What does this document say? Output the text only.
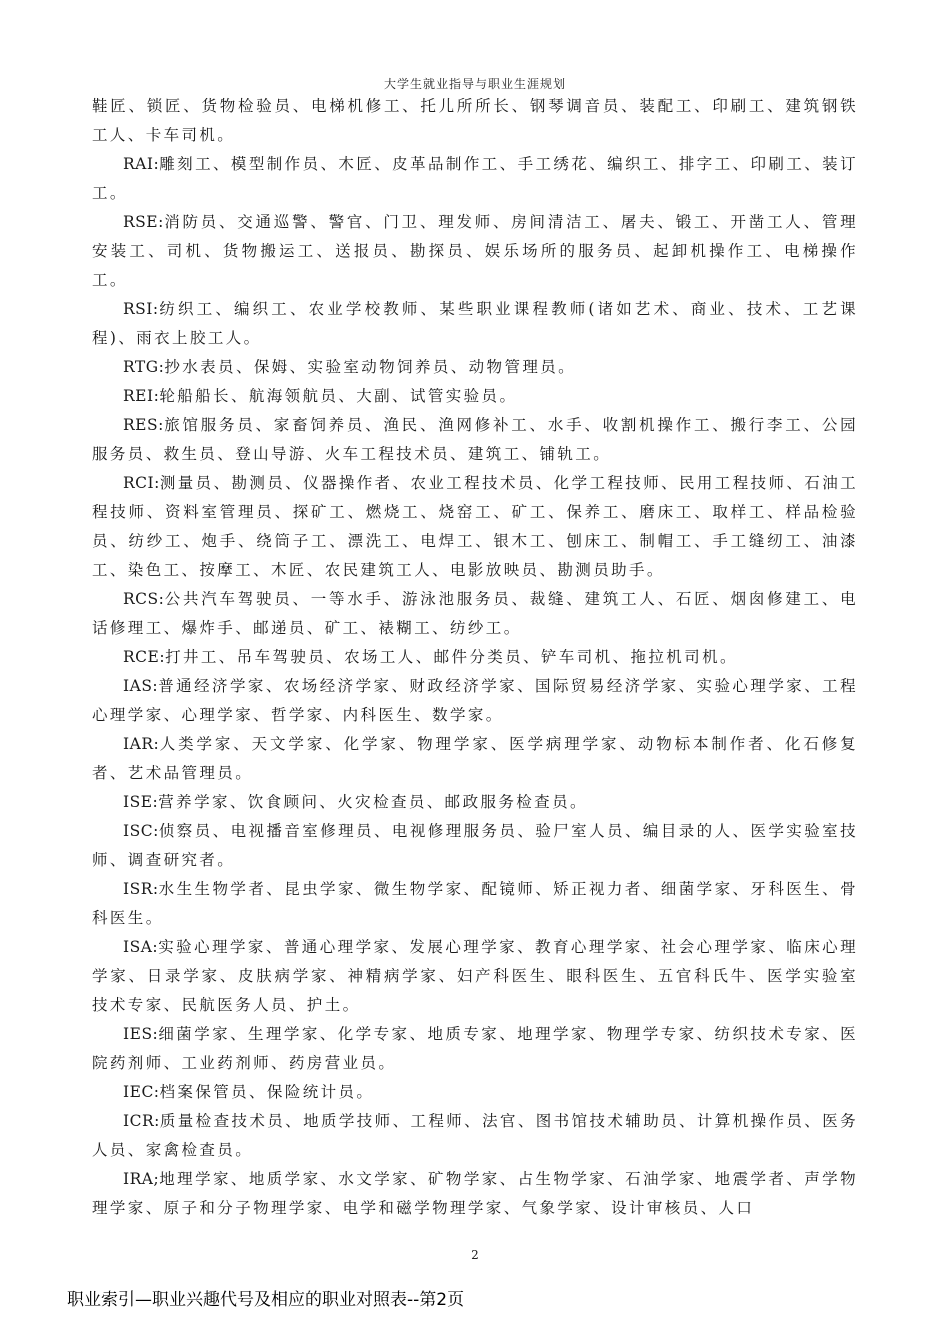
大学生就业指导与职业生涯规划

鞋匠、锁匠、货物检验员、电梯机修工、托儿所所长、钢琴调音员、装配工、印刷工、建筑钢铁工人、卡车司机。

RAI:雕刻工、模型制作员、木匠、皮革品制作工、手工绣花、编织工、排字工、印刷工、装订工。

RSE:消防员、交通巡警、警官、门卫、理发师、房间清洁工、屠夫、锻工、开凿工人、管理安装工、司机、货物搬运工、送报员、勘探员、娱乐场所的服务员、起卸机操作工、电梯操作工。

RSI:纺织工、编织工、农业学校教师、某些职业课程教师(诸如艺术、商业、技术、工艺课程)、雨衣上胶工人。

RTG:抄水表员、保姆、实验室动物饲养员、动物管理员。

REI:轮船船长、航海领航员、大副、试管实验员。

RES:旅馆服务员、家畜饲养员、渔民、渔网修补工、水手、收割机操作工、搬行李工、公园服务员、救生员、登山导游、火车工程技术员、建筑工、铺轨工。

RCI:测量员、勘测员、仪器操作者、农业工程技术员、化学工程技师、民用工程技师、石油工程技师、资料室管理员、探矿工、燃烧工、烧窑工、矿工、保养工、磨床工、取样工、样品检验员、纺纱工、炮手、绕筒子工、漂洗工、电焊工、银木工、刨床工、制帽工、手工缝纫工、油漆工、染色工、按摩工、木匠、农民建筑工人、电影放映员、勘测员助手。

RCS:公共汽车驾驶员、一等水手、游泳池服务员、裁缝、建筑工人、石匠、烟囱修建工、电话修理工、爆炸手、邮递员、矿工、裱糊工、纺纱工。

RCE:打井工、吊车驾驶员、农场工人、邮件分类员、铲车司机、拖拉机司机。

IAS:普通经济学家、农场经济学家、财政经济学家、国际贸易经济学家、实验心理学家、工程心理学家、心理学家、哲学家、内科医生、数学家。

IAR:人类学家、天文学家、化学家、物理学家、医学病理学家、动物标本制作者、化石修复者、艺术品管理员。

ISE:营养学家、饮食顾问、火灾检查员、邮政服务检查员。

ISC:侦察员、电视播音室修理员、电视修理服务员、验尸室人员、编目录的人、医学实验室技师、调查研究者。

ISR:水生生物学者、昆虫学家、微生物学家、配镜师、矫正视力者、细菌学家、牙科医生、骨科医生。

ISA:实验心理学家、普通心理学家、发展心理学家、教育心理学家、社会心理学家、临床心理学家、日录学家、皮肤病学家、神精病学家、妇产科医生、眼科医生、五官科氏牛、医学实验室技术专家、民航医务人员、护土。

IES:细菌学家、生理学家、化学专家、地质专家、地理学家、物理学专家、纺织技术专家、医院药剂师、工业药剂师、药房营业员。

IEC:档案保管员、保险统计员。

ICR:质量检查技术员、地质学技师、工程师、法官、图书馆技术辅助员、计算机操作员、医务人员、家禽检查员。

IRA;地理学家、地质学家、水文学家、矿物学家、占生物学家、石油学家、地震学者、声学物理学家、原子和分子物理学家、电学和磁学物理学家、气象学家、设计审核员、人口

2
职业索引—职业兴趣代号及相应的职业对照表--第2页
